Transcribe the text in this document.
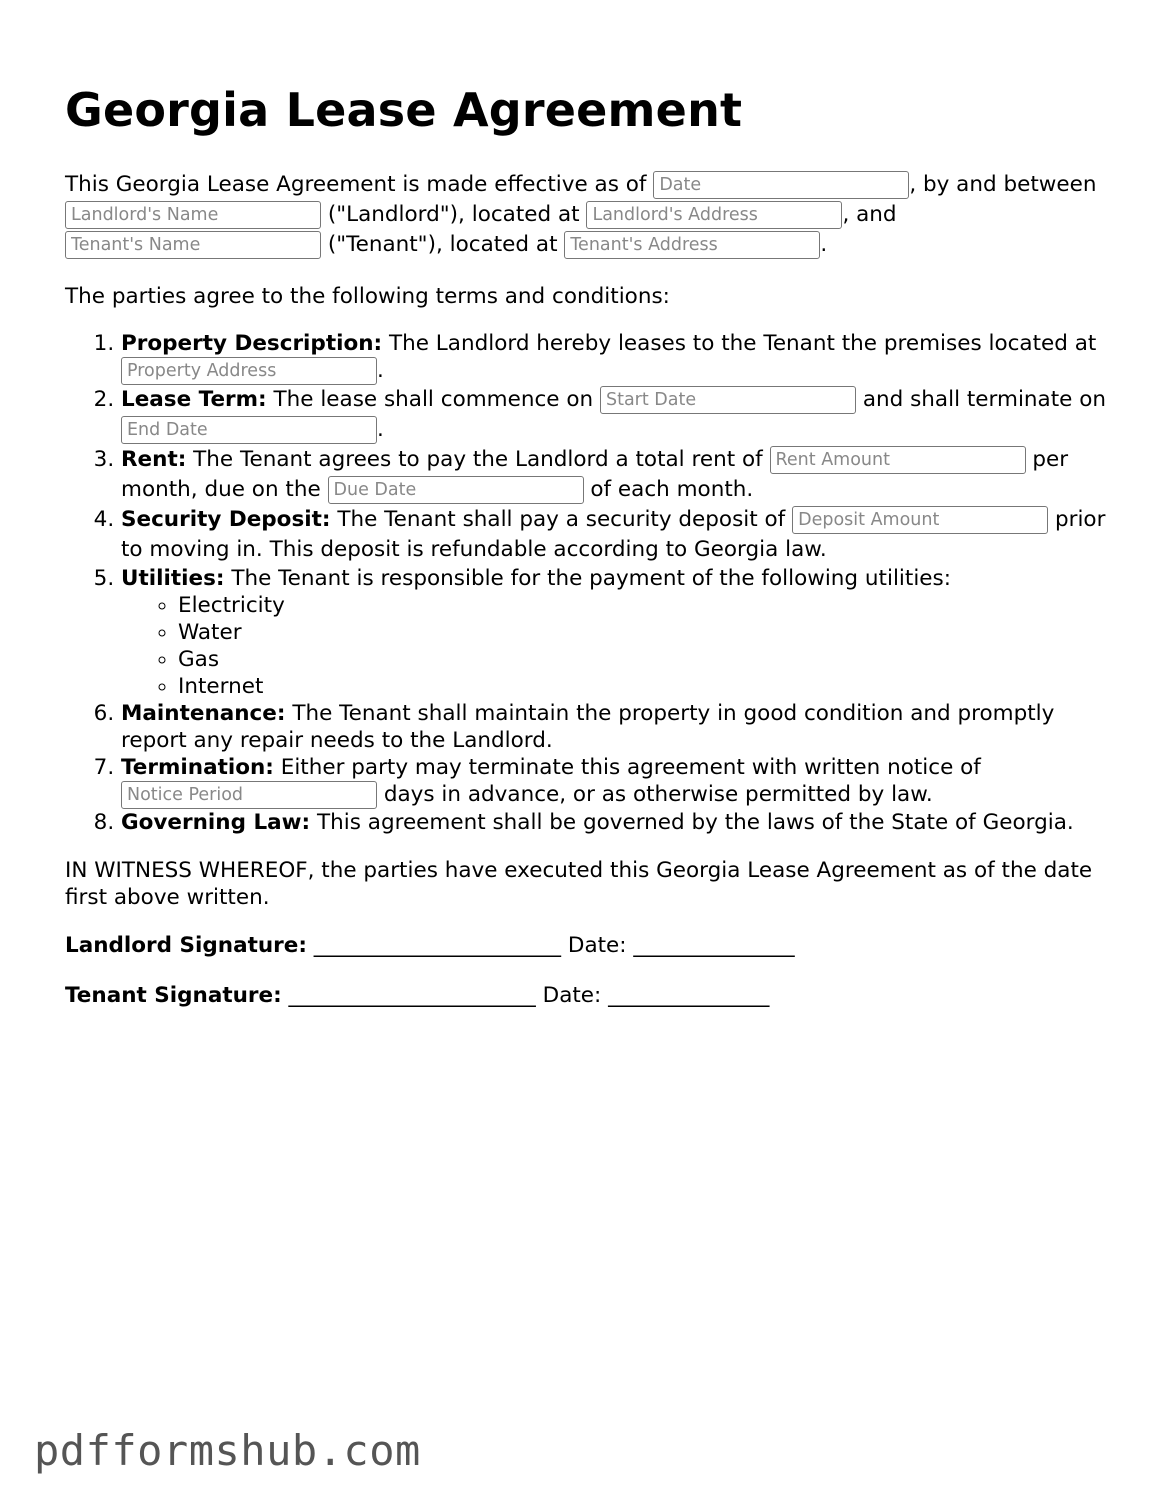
Georgia Lease Agreement
This Georgia Lease Agreement is made effective as of Date	, by and between Landlord's Name ("Landlord"), located at Landlord's Address	, and Tenant's Name ("Tenant"), located at Tenant's Address	.
The parties agree to the following terms and conditions:
1. Property Description: The Landlord hereby leases to the Tenant the premises located at Property Address.
2. Lease Term: The lease shall commence on Start Date	and shall terminate on End Date.
3. Rent: The Tenant agrees to pay the Landlord a total rent of Rent Amount	per month, due on the Due Date	of each month.
4. Security Deposit: The Tenant shall pay a security deposit of Deposit Amount	prior to moving in. This deposit is refundable according to Georgia law.
5. Utilities: The Tenant is responsible for the payment of the following utilities:
◦ Electricity
◦ Water
◦ Gas
◦ Internet
6. Maintenance: The Tenant shall maintain the property in good condition and promptly report any repair needs to the Landlord.
7. Termination: Either party may terminate this agreement with written notice of Notice Period days in advance, or as otherwise permitted by law.
8. Governing Law: This agreement shall be governed by the laws of the State of Georgia.
IN WITNESS WHEREOF, the parties have executed this Georgia Lease Agreement as of the date first above written.
Landlord Signature: _______________________ Date: _______________
Tenant Signature: _______________________ Date: _______________
pdfformshub.com
